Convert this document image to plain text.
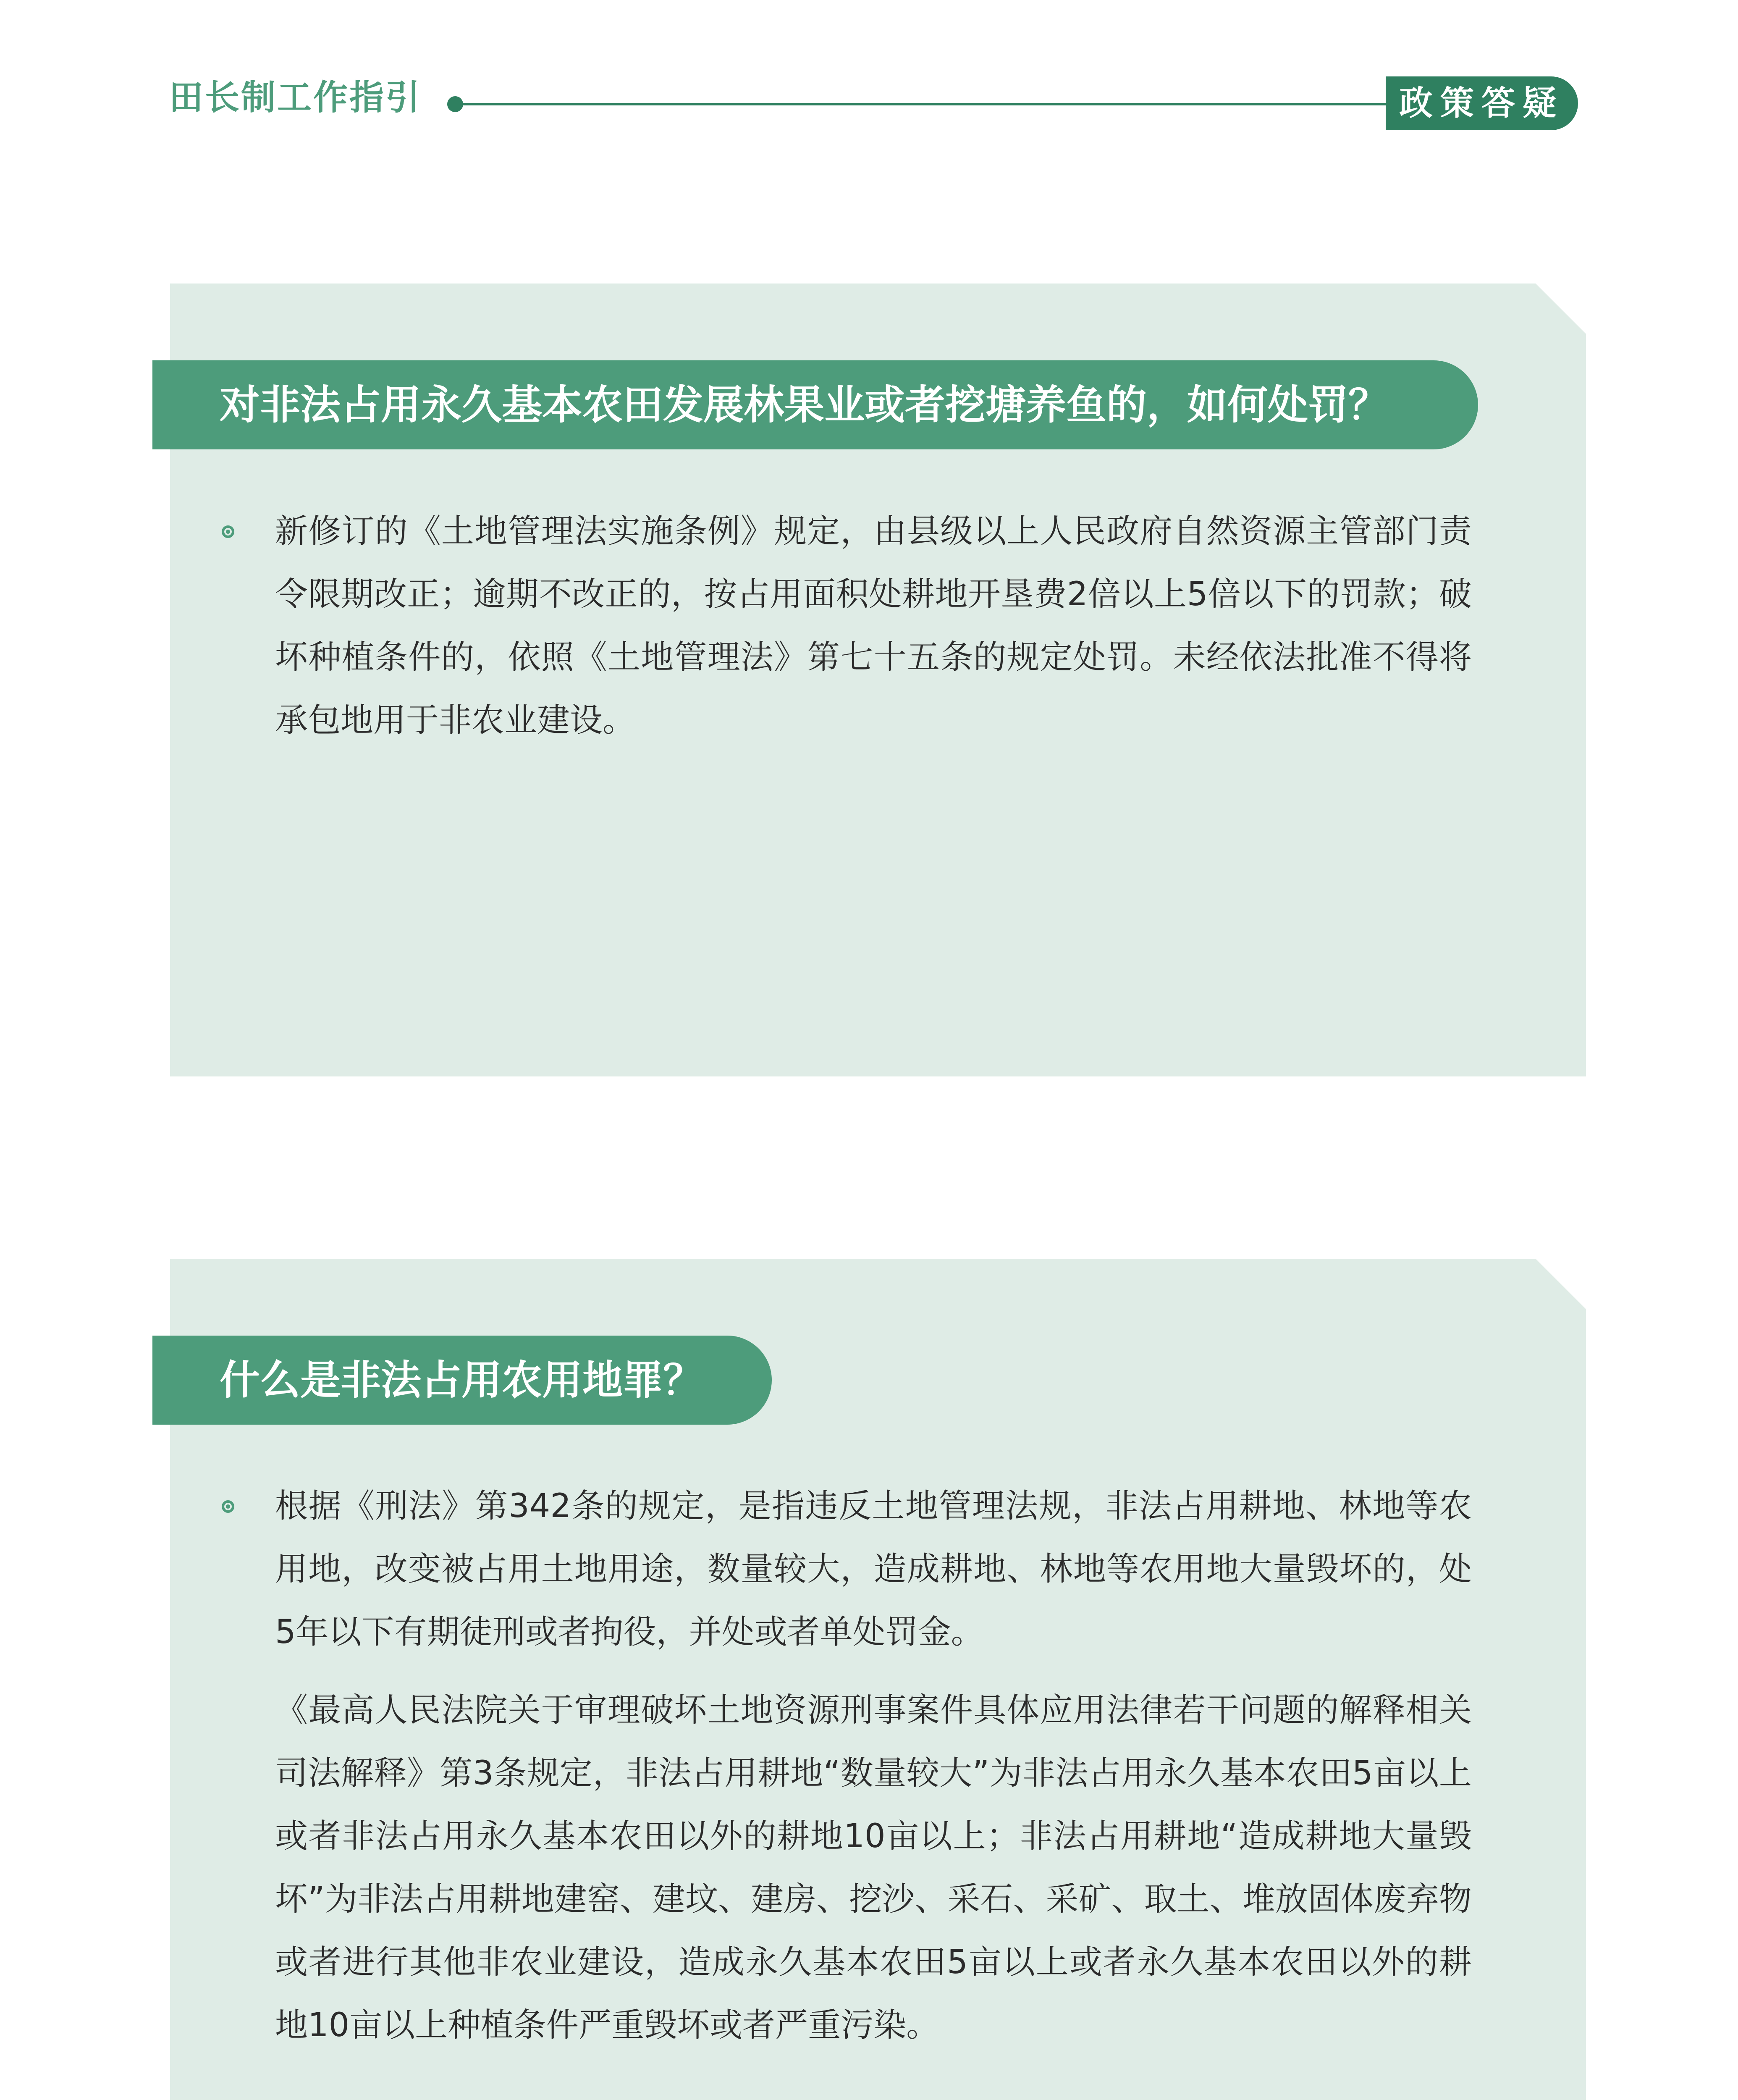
田长制工作指引	政策答疑
对非法占用永久基本农田发展林果业或者挖塘养鱼的，如何处罚？

新修订的《土地管理法实施条例》规定，由县级以上人民政府自然资源主管部门责令限期改正；逾期不改正的，按占用面积处耕地开垦费2倍以上5倍以下的罚款；破坏种植条件的，依照《土地管理法》第七十五条的规定处罚。未经依法批准不得将承包地用于非农业建设。

什么是非法占用农用地罪？

根据《刑法》第342条的规定，是指违反土地管理法规，非法占用耕地、林地等农用地，改变被占用土地用途，数量较大，造成耕地、林地等农用地大量毁坏的，处5年以下有期徒刑或者拘役，并处或者单处罚金。

《最高人民法院关于审理破坏土地资源刑事案件具体应用法律若干问题的解释相关司法解释》第3条规定，非法占用耕地“数量较大”为非法占用永久基本农田5亩以上或者非法占用永久基本农田以外的耕地10亩以上；非法占用耕地“造成耕地大量毁坏”为非法占用耕地建窑、建坟、建房、挖沙、采石、采矿、取土、堆放固体废弃物或者进行其他非农业建设，造成永久基本农田5亩以上或者永久基本农田以外的耕地10亩以上种植条件严重毁坏或者严重污染。
